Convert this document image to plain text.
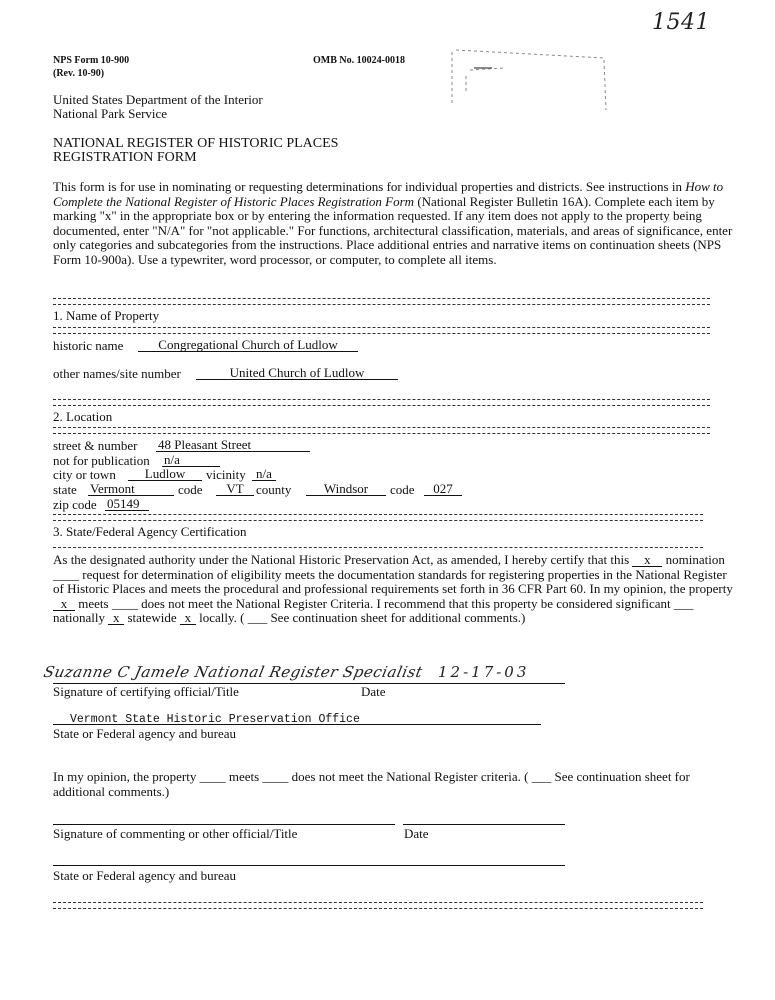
1541
NPS Form 10-900
(Rev. 10-90)
OMB No. 10024-0018
United States Department of the Interior
National Park Service
NATIONAL REGISTER OF HISTORIC PLACES
REGISTRATION FORM
This form is for use in nominating or requesting determinations for individual properties and districts. See instructions in How to Complete the National Register of Historic Places Registration Form (National Register Bulletin 16A). Complete each item by marking "x" in the appropriate box or by entering the information requested. If any item does not apply to the property being documented, enter "N/A" for "not applicable." For functions, architectural classification, materials, and areas of significance, enter only categories and subcategories from the instructions. Place additional entries and narrative items on continuation sheets (NPS Form 10-900a). Use a typewriter, word processor, or computer, to complete all items.
1. Name of Property
historic name	Congregational Church of Ludlow
other names/site number	United Church of Ludlow
2. Location
street & number 48 Pleasant Street
not for publication n/a
city or town	Ludlow	vicinity n/a
state Vermont	code	VT county	Windsor	code	027
zip code 05149
3. State/Federal Agency Certification
As the designated authority under the National Historic Preservation Act, as amended, I hereby certify that this x nomination ____ request for determination of eligibility meets the documentation standards for registering properties in the National Register of Historic Places and meets the procedural and professional requirements set forth in 36 CFR Part 60. In my opinion, the property x meets ____ does not meet the National Register Criteria. I recommend that this property be considered significant ___ nationally x statewide x locally. ( ___ See continuation sheet for additional comments.)
Suzanne C Jamele National Register Specialist 12-17-03
Signature of certifying official/Title	Date
Vermont State Historic Preservation Office
State or Federal agency and bureau
In my opinion, the property ____ meets ____ does not meet the National Register criteria. ( ___ See continuation sheet for additional comments.)
Signature of commenting or other official/Title	Date
State or Federal agency and bureau
